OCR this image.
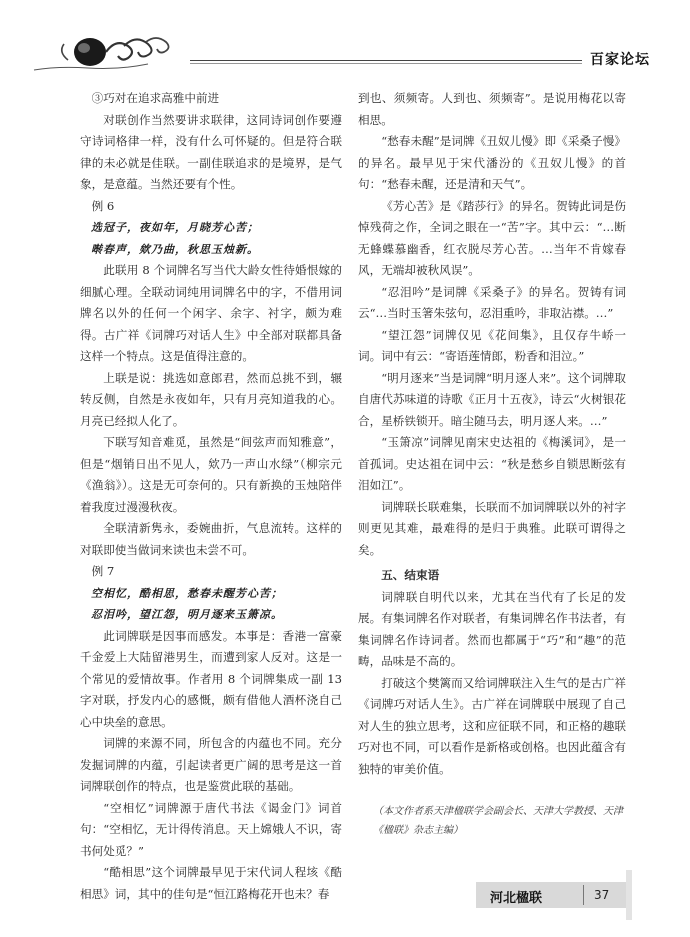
百家论坛

③巧对在追求高雅中前进

对联创作当然要讲求联律，这同诗词创作要遵守诗词格律一样，没有什么可怀疑的。但是符合联律的未必就是佳联。一副佳联追求的是境界，是气象，是意蕴。当然还要有个性。

例 6

选冠子，夜如年，月晓芳心苦；

啭春声，欸乃曲，秋思玉烛新。

此联用 8 个词牌名写当代大龄女性待婚恨嫁的细腻心理。全联动词纯用词牌名中的字，不借用词牌名以外的任何一个闲字、余字、衬字，颇为难得。古广祥《词牌巧对话人生》中全部对联都具备这样一个特点。这是值得注意的。

上联是说：挑选如意郎君，然而总挑不到，辗转反侧，自然是永夜如年，只有月亮知道我的心。月亮已经拟人化了。

下联写知音难觅，虽然是“间弦声而知雅意”，但是“烟销日出不见人，欸乃一声山水绿”（柳宗元《渔翁》）。这是无可奈何的。只有新换的玉烛陪伴着我度过漫漫秋夜。

全联清新隽永，委婉曲折，气息流转。这样的对联即使当做词来读也未尝不可。

例 7

空相忆，酷相思，愁春未醒芳心苦；

忍泪吟，望江怨，明月逐来玉箫凉。

此词牌联是因事而感发。本事是：香港一富豪千金爱上大陆留港男生，而遭到家人反对。这是一个常见的爱情故事。作者用 8 个词牌集成一副 13 字对联，抒发内心的感慨，颇有借他人酒杯浇自己心中块垒的意思。

词牌的来源不同，所包含的内蕴也不同。充分发掘词牌的内蕴，引起读者更广阔的思考是这一首词牌联创作的特点，也是鉴赏此联的基础。

“空相忆”词牌源于唐代书法《谒金门》词首句：“空相忆，无计得传消息。天上嫦娥人不识，寄书何处觅？”

“酷相思”这个词牌最早见于宋代词人程垓《酷相思》词，其中的佳句是“恒江路梅花开也未？春

到也、须频寄。人到也、须频寄”。是说用梅花以寄相思。

“愁春未醒”是词牌《丑奴儿慢》即《采桑子慢》的异名。最早见于宋代潘汾的《丑奴儿慢》的首句：“愁春未醒，还是清和天气”。

《芳心苦》是《踏莎行》的异名。贺铸此词是伤悼残荷之作，全词之眼在一“苦”字。其中云：“…断无蜂蝶慕幽香，红衣脱尽芳心苦。…当年不肯嫁春风，无端却被秋风误”。

“忍泪吟”是词牌《采桑子》的异名。贺铸有词云“…当时玉箸朱弦句，忍泪重吟，非取沾襟。…”

“望江怨”词牌仅见《花间集》，且仅存牛峤一词。词中有云：“寄语莲情郎，粉香和泪泣。”

“明月逐来”当是词牌“明月逐人来”。这个词牌取自唐代苏味道的诗歌《正月十五夜》，诗云“火树银花合，星桥铁锁开。暗尘随马去，明月逐人来。…”

“玉箫凉”词牌见南宋史达祖的《梅溪词》，是一首孤词。史达祖在词中云：“秋是愁乡自锁思断弦有泪如江”。

词牌联长联难集，长联而不加词牌联以外的衬字则更见其难，最难得的是归于典雅。此联可谓得之矣。

五、结束语

词牌联自明代以来，尤其在当代有了长足的发展。有集词牌名作对联者，有集词牌名作书法者，有集词牌名作诗词者。然而也都属于“巧”和“趣”的范畴，品味是不高的。

打破这个樊篱而又给词牌联注入生气的是古广祥《词牌巧对话人生》。古广祥在词牌联中展现了自己对人生的独立思考，这和应征联不同，和正格的趣联巧对也不同，可以看作是新格或创格。也因此蕴含有独特的审美价值。

（本文作者系天津楹联学会副会长、天津大学教授、天津《楹联》杂志主编）

河北楹联	37
